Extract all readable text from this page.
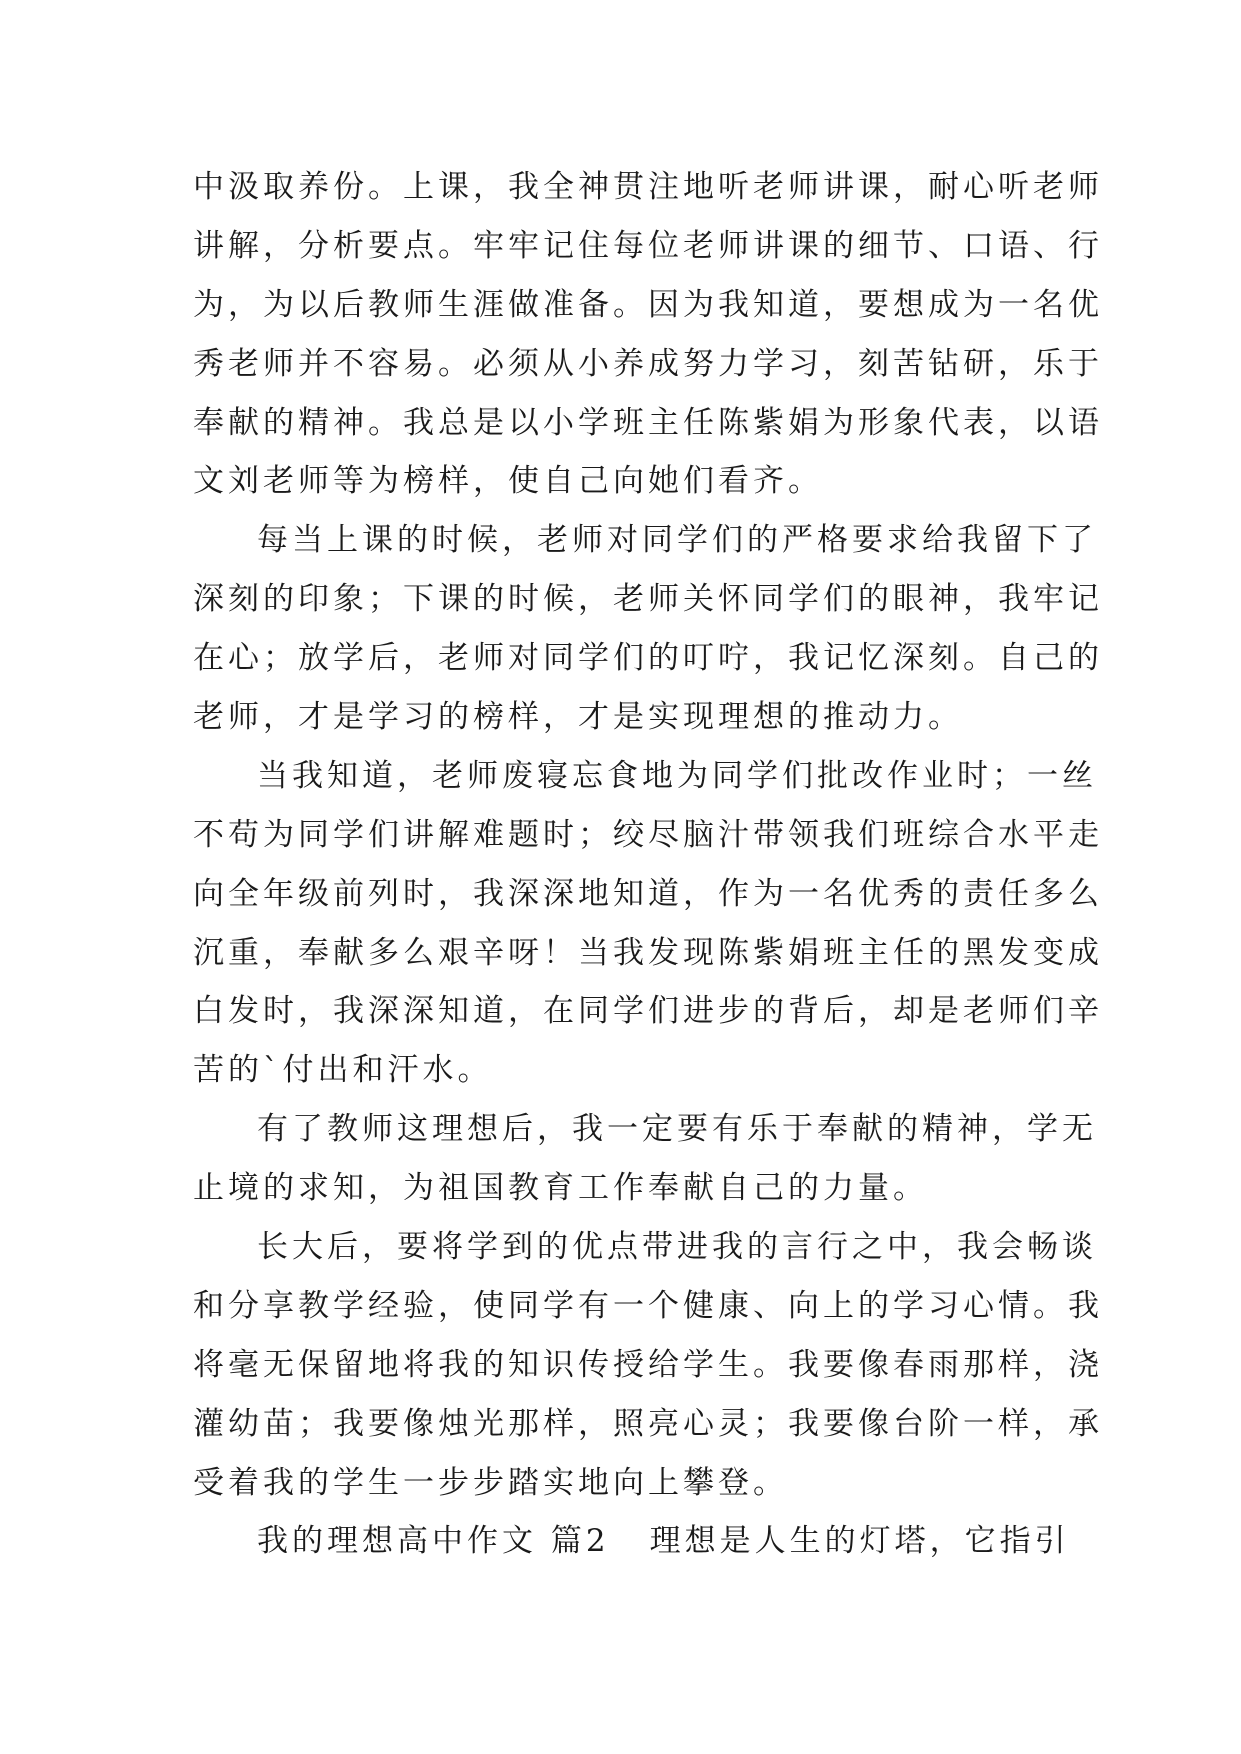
中汲取养份。上课，我全神贯注地听老师讲课，耐心听老师
讲解，分析要点。牢牢记住每位老师讲课的细节、口语、行
为，为以后教师生涯做准备。因为我知道，要想成为一名优
秀老师并不容易。必须从小养成努力学习，刻苦钻研，乐于
奉献的精神。我总是以小学班主任陈紫娟为形象代表，以语
文刘老师等为榜样，使自己向她们看齐。
每当上课的时候，老师对同学们的严格要求给我留下了
深刻的印象；下课的时候，老师关怀同学们的眼神，我牢记
在心；放学后，老师对同学们的叮咛，我记忆深刻。自己的
老师，才是学习的榜样，才是实现理想的推动力。
当我知道，老师废寝忘食地为同学们批改作业时；一丝
不苟为同学们讲解难题时；绞尽脑汁带领我们班综合水平走
向全年级前列时，我深深地知道，作为一名优秀的责任多么
沉重，奉献多么艰辛呀！当我发现陈紫娟班主任的黑发变成
白发时，我深深知道，在同学们进步的背后，却是老师们辛
苦的`付出和汗水。
有了教师这理想后，我一定要有乐于奉献的精神，学无
止境的求知，为祖国教育工作奉献自己的力量。
长大后，要将学到的优点带进我的言行之中，我会畅谈
和分享教学经验，使同学有一个健康、向上的学习心情。我
将毫无保留地将我的知识传授给学生。我要像春雨那样，浇
灌幼苗；我要像烛光那样，照亮心灵；我要像台阶一样，承
受着我的学生一步步踏实地向上攀登。
我的理想高中作文 篇2 理想是人生的灯塔，它指引
